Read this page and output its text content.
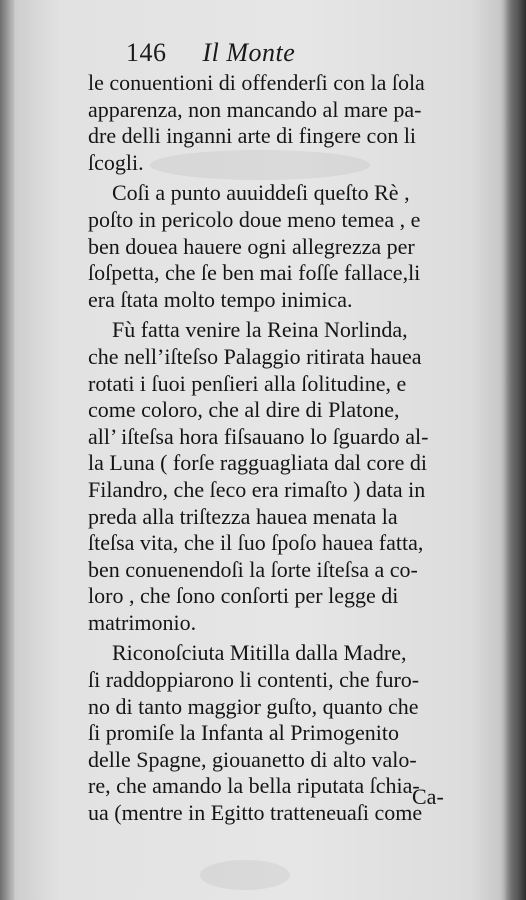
146 Il Monte
le conuentioni di offenderſi con la ſola
apparenza, non mancando al mare pa-
dre delli inganni arte di fingere con li
ſcogli.
Coſi a punto auuiddeſi queſto Rè ,
poſto in pericolo doue meno temea , e
ben douea hauere ogni allegrezza per
ſoſpetta, che ſe ben mai foſſe fallace,li
era ſtata molto tempo inimica.
Fù fatta venire la Reina Norlinda,
che nell’iſteſso Palaggio ritirata hauea
rotati i ſuoi penſieri alla ſolitudine, e
come coloro, che al dire di Platone,
all’ iſteſsa hora fiſsauano lo ſguardo al-
la Luna ( forſe ragguagliata dal core di
Filandro, che ſeco era rimaſto ) data in
preda alla triſtezza hauea menata la
ſteſsa vita, che il ſuo ſpoſo hauea fatta,
ben conuenendoſi la ſorte iſteſsa a co-
loro , che ſono conſorti per legge di
matrimonio.
Riconoſciuta Mitilla dalla Madre,
ſi raddoppiarono li contenti, che furo-
no di tanto maggior guſto, quanto che
ſi promiſe la Infanta al Primogenito
delle Spagne, giouanetto di alto valo-
re, che amando la bella riputata ſchia-
ua (mentre in Egitto tratteneuaſi come
Ca-
